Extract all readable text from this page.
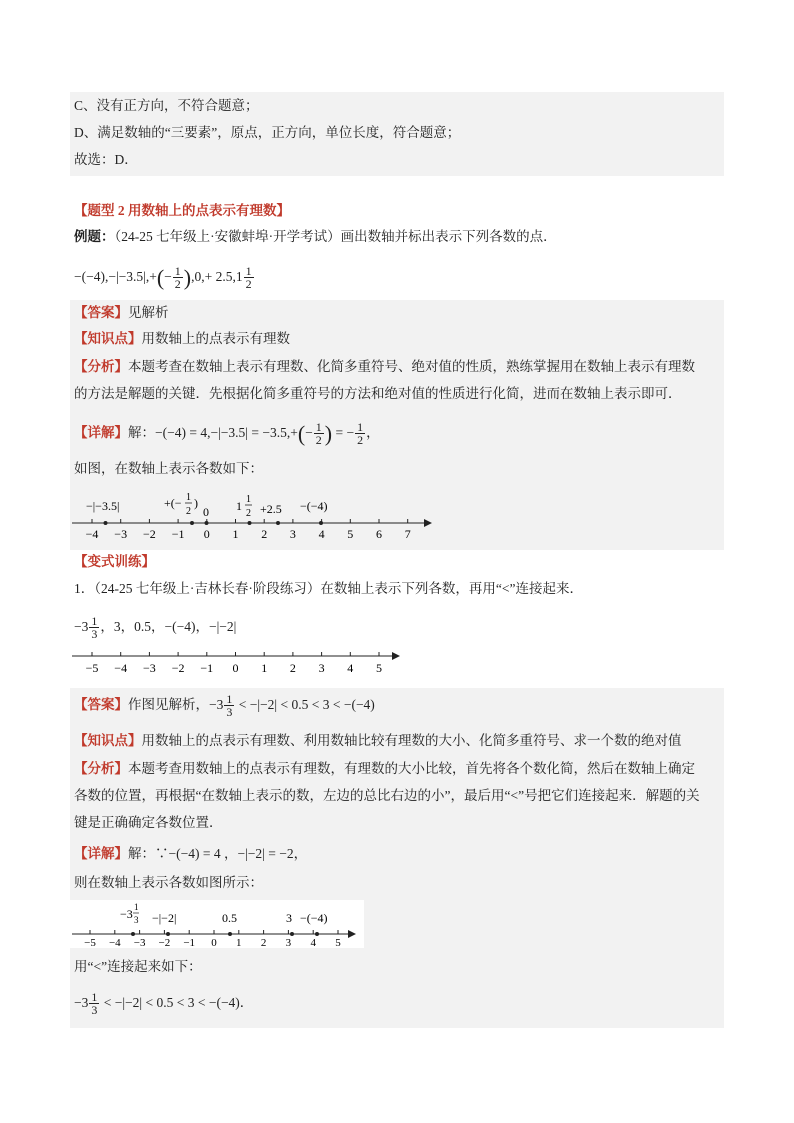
C、没有正方向，不符合题意；
D、满足数轴的“三要素”，原点，正方向，单位长度，符合题意；
故选：D．
【题型 2 用数轴上的点表示有理数】
例题：（24-25 七年级上·安徽蚌埠·开学考试）画出数轴并标出表示下列各数的点．
$-(-4),-|-3.5|,+(- \frac{1}{2} ),0,+ 2.5,1 \frac{1}{2}$
【答案】见解析
【知识点】用数轴上的点表示有理数
【分析】本题考查在数轴上表示有理数、化简多重符号、绝对值的性质，熟练掌握用在数轴上表示有理数
的方法是解题的关键．先根据化简多重符号的方法和绝对值的性质进行化简，进而在数轴上表示即可．
【详解】解：$-(-4) = 4,-|-3.5| = -3.5,+(- \frac{1}{2}$ ) = − $\frac{1}{2}$ ，
如图，在数轴上表示各数如下：
−4 −3 −2 −1 0 1 2 3 4 5 6 7
−|−3.5|	+(− 1
2
)
0 1 1
2 +2.5 −(−4)
【变式训练】
1．（24-25 七年级上·吉林长春·阶段练习）在数轴上表示下列各数，再用“<”连接起来．
$-3 \frac{1}{3}$ ，3，0.5，−(−4)，−|−2|
−5 −4 −3 −2 −1 0 1 2 3 4 5
【答案】作图见解析，$-3 \frac{1}{3} < -|-2| < 0.5 < 3 < -(-4)$
【知识点】用数轴上的点表示有理数、利用数轴比较有理数的大小、化简多重符号、求一个数的绝对值
【分析】本题考查用数轴上的点表示有理数，有理数的大小比较，首先将各个数化简，然后在数轴上确定
各数的位置，再根据“在数轴上表示的数，左边的总比右边的小”，最后用“<”号把它们连接起来．解题的关
键是正确确定各数位置．
【详解】解：∵−(−4) = 4 ，−|−2| = −2，
则在数轴上表示各数如图所示：
−5 −4 −3 −2 −1 0 1 2 3 4 5
−3 1
3 −|−2|	0.5	3 −(−4)
用“<”连接起来如下：
$-3 \frac{1}{3} < -|-2| < 0.5 < 3 < -(-4)$．
